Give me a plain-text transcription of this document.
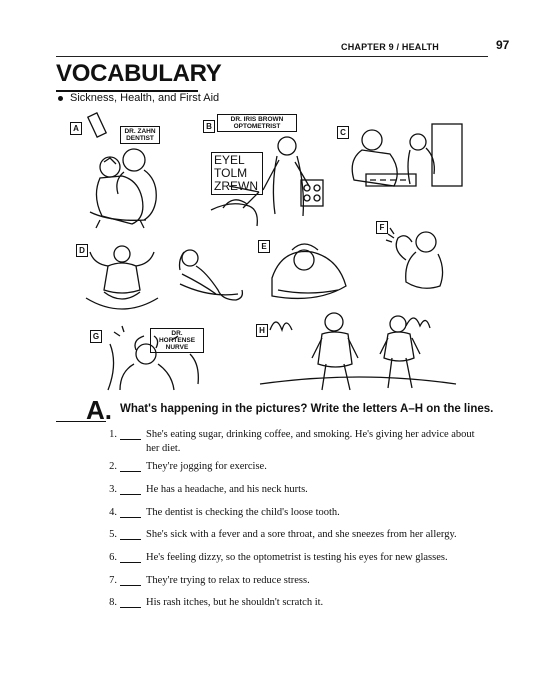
CHAPTER 9 / HEALTH	97
VOCABULARY
Sickness, Health, and First Aid
A	DR. ZAHN DENTIST
B
DR. IRIS BROWN OPTOMETRIST
EYEL
TOLM
ZREWN
C
D	E
F
G	DR. HORTENSE NURVE
H
A. What's happening in the pictures? Write the letters A–H on the lines.
1.	She's eating sugar, drinking coffee, and smoking. He's giving her advice about her diet.
2.	They're jogging for exercise.
3.	He has a headache, and his neck hurts.
4.	The dentist is checking the child's loose tooth.
5.	She's sick with a fever and a sore throat, and she sneezes from her allergy.
6.	He's feeling dizzy, so the optometrist is testing his eyes for new glasses.
7.	They're trying to relax to reduce stress.
8.	His rash itches, but he shouldn't scratch it.
